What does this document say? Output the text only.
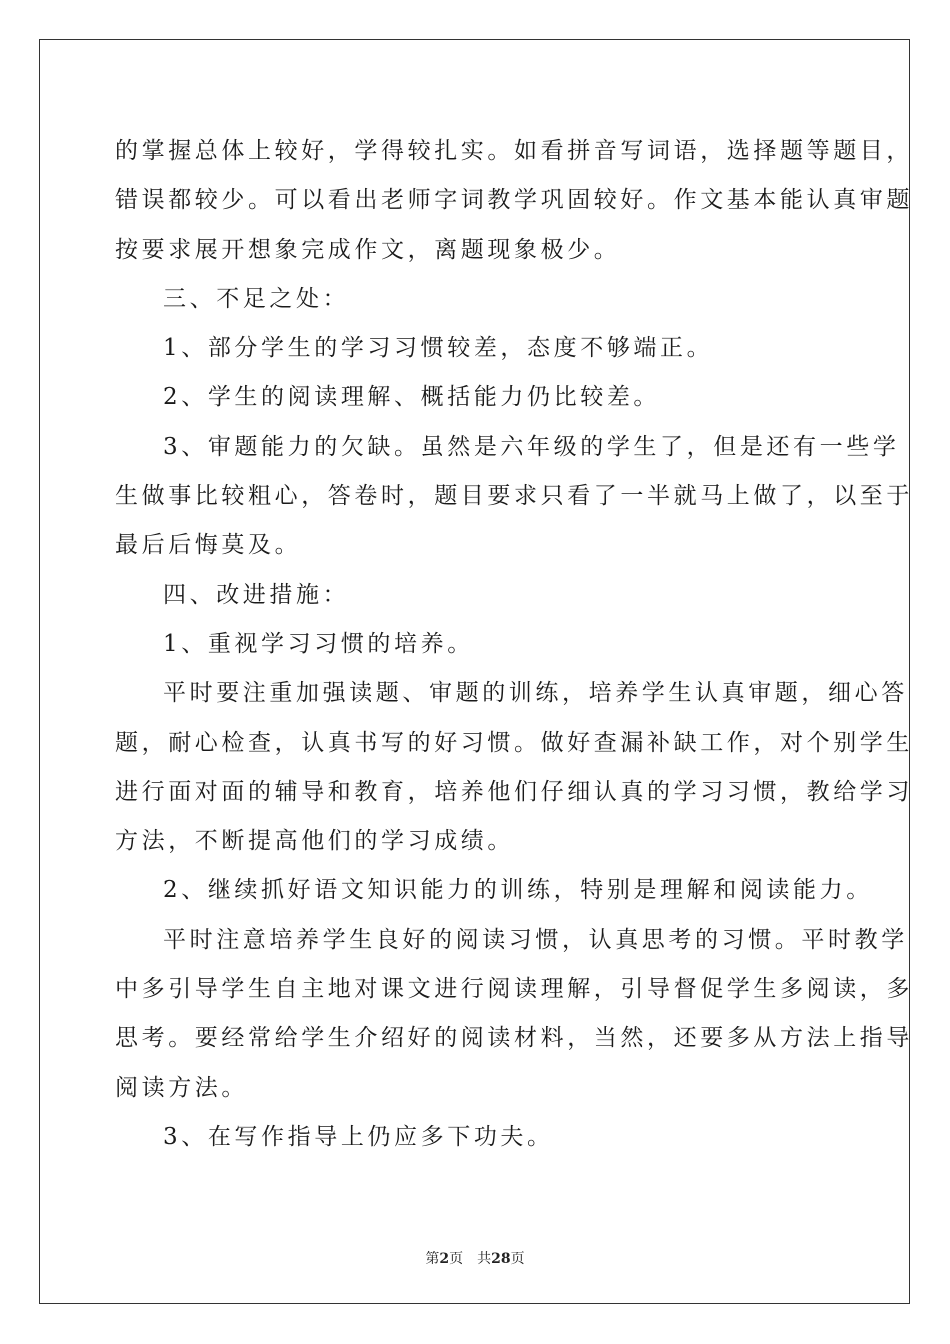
的掌握总体上较好，学得较扎实。如看拼音写词语，选择题等题目，
错误都较少。可以看出老师字词教学巩固较好。作文基本能认真审题
按要求展开想象完成作文，离题现象极少。
三、不足之处：
1、部分学生的学习习惯较差，态度不够端正。
2、学生的阅读理解、概括能力仍比较差。
3、审题能力的欠缺。虽然是六年级的学生了，但是还有一些学
生做事比较粗心，答卷时，题目要求只看了一半就马上做了，以至于
最后后悔莫及。
四、改进措施：
1、重视学习习惯的培养。
平时要注重加强读题、审题的训练，培养学生认真审题，细心答
题，耐心检查，认真书写的好习惯。做好查漏补缺工作，对个别学生
进行面对面的辅导和教育，培养他们仔细认真的学习习惯，教给学习
方法，不断提高他们的学习成绩。
2、继续抓好语文知识能力的训练，特别是理解和阅读能力。
平时注意培养学生良好的阅读习惯，认真思考的习惯。平时教学
中多引导学生自主地对课文进行阅读理解，引导督促学生多阅读，多
思考。要经常给学生介绍好的阅读材料，当然，还要多从方法上指导
阅读方法。
3、在写作指导上仍应多下功夫。
第2页 共28页
